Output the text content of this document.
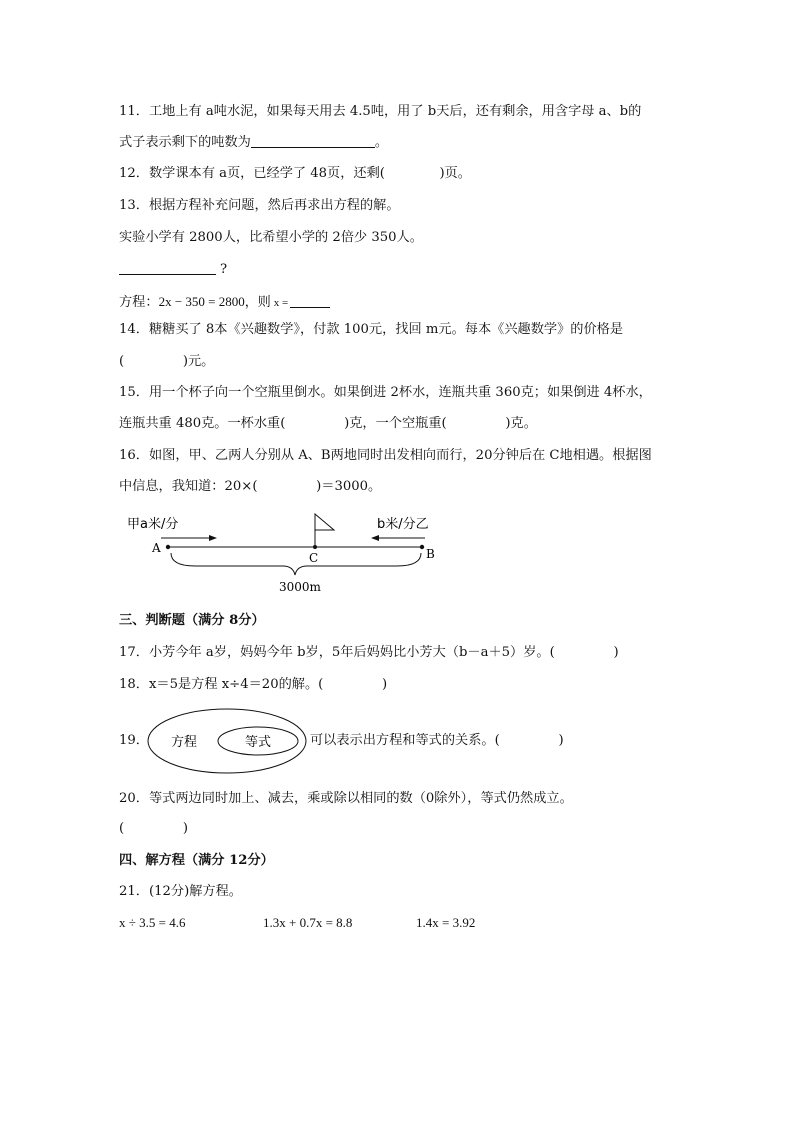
11．工地上有 a吨水泥，如果每天用去 4.5吨，用了 b天后，还有剩余，用含字母 a、b的
式子表示剩下的吨数为	。
12．数学课本有 a页，已经学了 48页，还剩(             )页。
13．根据方程补充问题，然后再求出方程的解。
实验小学有 2800人，比希望小学的 2倍少 350人。
?
方程：2x − 350 = 2800，则 x =
14．糖糖买了 8本《兴趣数学》，付款 100元，找回 m元。每本《兴趣数学》的价格是
(              )元。
15．用一个杯子向一个空瓶里倒水。如果倒进 2杯水，连瓶共重 360克；如果倒进 4杯水，
连瓶共重 480克。一杯水重(              )克，一个空瓶重(              )克。
16．如图，甲、乙两人分别从 A、B两地同时出发相向而行，20分钟后在 C地相遇。根据图
中信息，我知道：20×(              )＝3000。
甲a米/分	b米/分乙
A	B
C
3000m
三、判断题（满分 8分）
17．小芳今年 a岁，妈妈今年 b岁，5年后妈妈比小芳大（b－a＋5）岁。(              )
18．x＝5是方程 x÷4＝20的解。(              )
19． 方程	等式	可以表示出方程和等式的关系。(              )
20．等式两边同时加上、减去，乘或除以相同的数（0除外），等式仍然成立。
(              )
四、解方程（满分 12分）
21．(12分)解方程。
x ÷ 3.5 = 4.6	1.3x + 0.7x = 8.8	1.4x = 3.92
